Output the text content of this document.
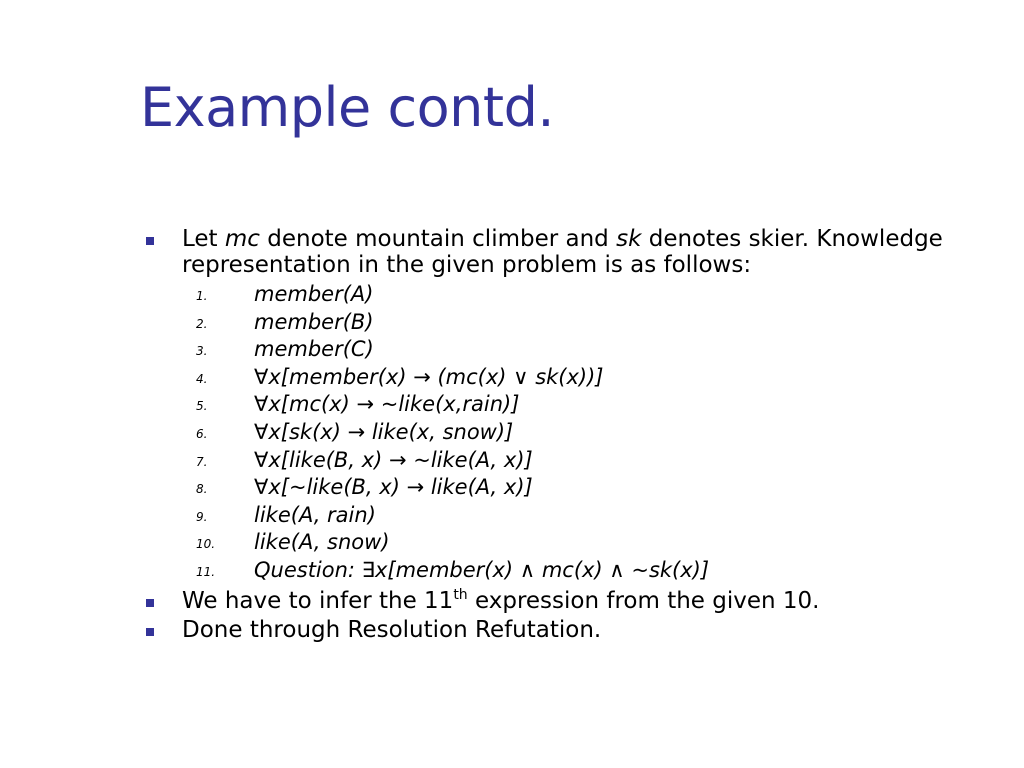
Example contd.
Let mc denote mountain climber and sk denotes skier. Knowledge representation in the given problem is as follows:
1. member(A)
2. member(B)
3. member(C)
4. ∀x[member(x) → (mc(x) ∨ sk(x))]
5. ∀x[mc(x) → ~like(x,rain)]
6. ∀x[sk(x) → like(x, snow)]
7. ∀x[like(B, x) → ~like(A, x)]
8. ∀x[~like(B, x) → like(A, x)]
9. like(A, rain)
10. like(A, snow)
11. Question: ∃x[member(x) ∧ mc(x) ∧ ~sk(x)]
We have to infer the 11th expression from the given 10.
Done through Resolution Refutation.
